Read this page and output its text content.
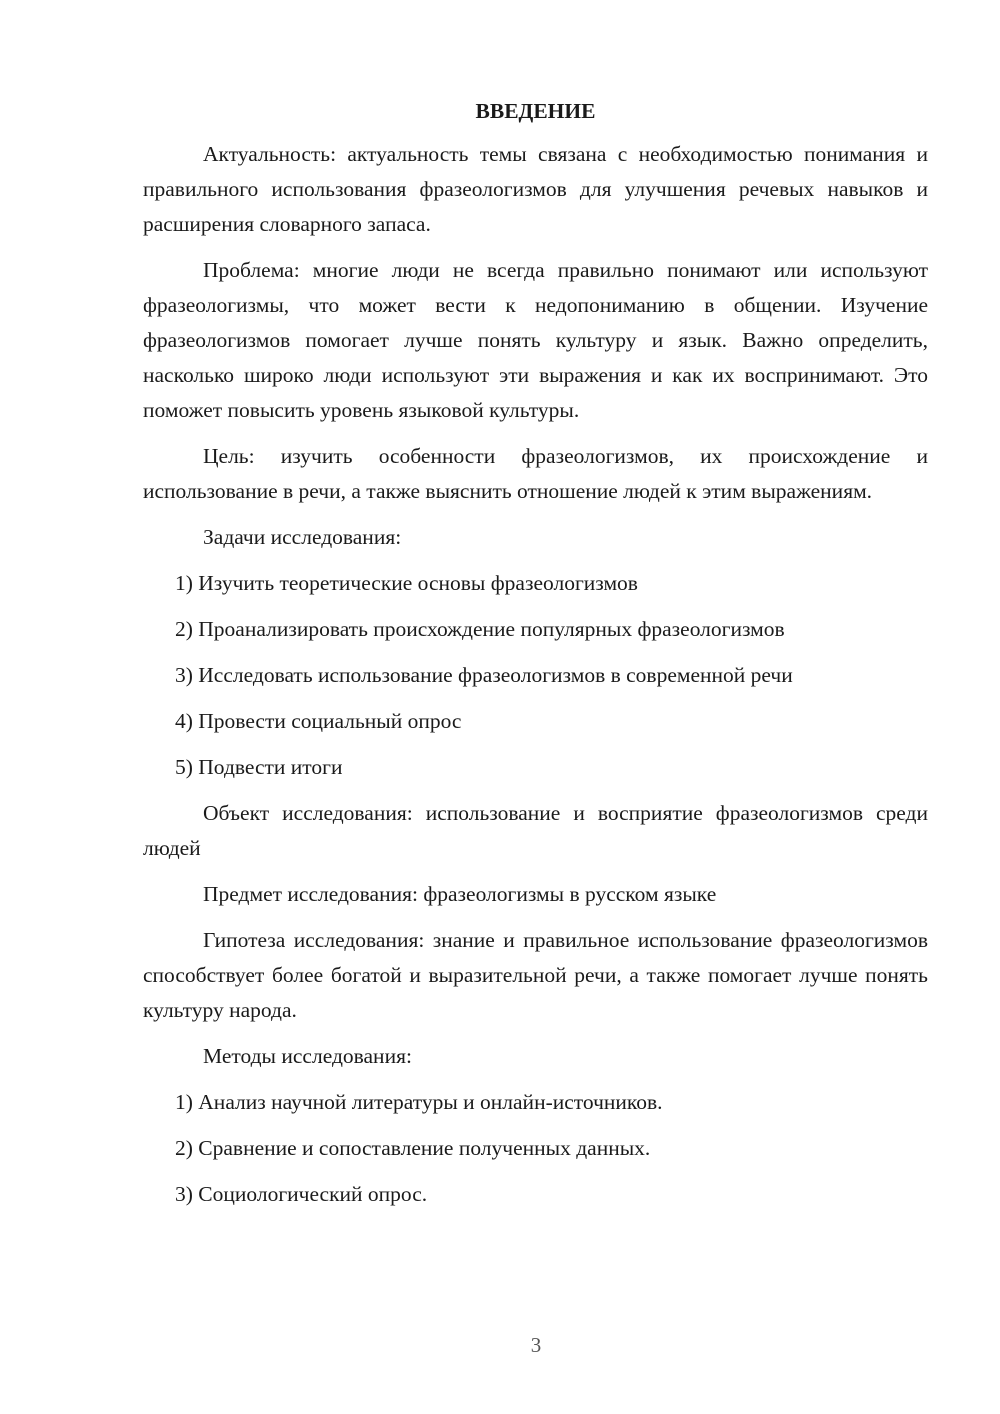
ВВЕДЕНИЕ

Актуальность: актуальность темы связана с необходимостью понимания и правильного использования фразеологизмов для улучшения речевых навыков и расширения словарного запаса.

Проблема: многие люди не всегда правильно понимают или используют фразеологизмы, что может вести к недопониманию в общении. Изучение фразеологизмов помогает лучше понять культуру и язык. Важно определить, насколько широко люди используют эти выражения и как их воспринимают. Это поможет повысить уровень языковой культуры.

Цель: изучить особенности фразеологизмов, их происхождение и использование в речи, а также выяснить отношение людей к этим выражениям.

Задачи исследования:

1) Изучить теоретические основы фразеологизмов
2) Проанализировать происхождение популярных фразеологизмов
3) Исследовать использование фразеологизмов в современной речи
4) Провести социальный опрос
5) Подвести итоги

Объект исследования: использование и восприятие фразеологизмов среди людей

Предмет исследования: фразеологизмы в русском языке

Гипотеза исследования: знание и правильное использование фразеологизмов способствует более богатой и выразительной речи, а также помогает лучше понять культуру народа.

Методы исследования:

1) Анализ научной литературы и онлайн-источников.
2) Сравнение и сопоставление полученных данных.
3) Социологический опрос.
3
